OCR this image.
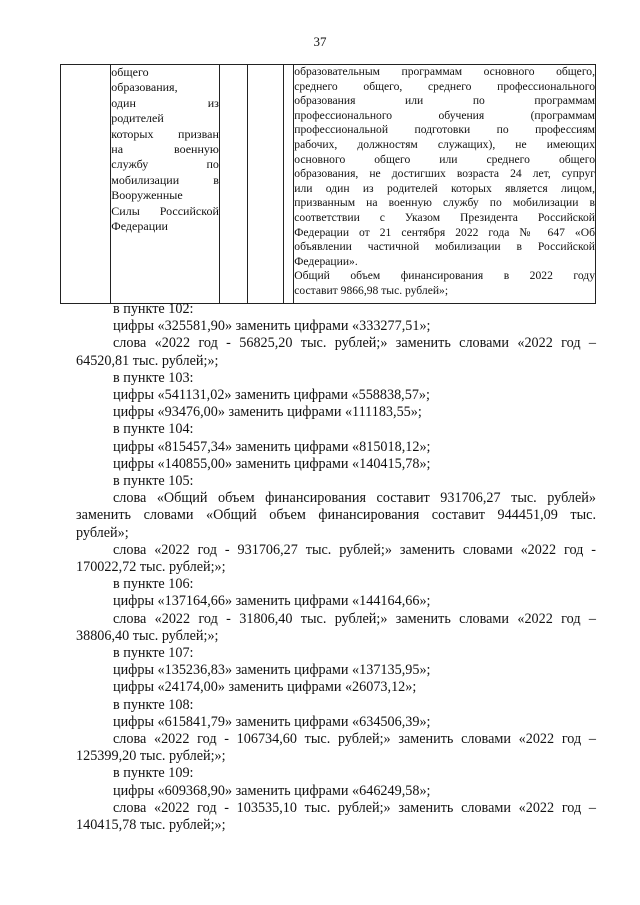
37

общего
образования,
один из
родителей
которых призван
на военную
службу по
мобилизации в
Вооруженные
Силы Российской
Федерации

образовательным программам основного общего,
среднего общего, среднего профессионального
образования или по программам
профессионального обучения (программам
профессиональной подготовки по профессиям
рабочих, должностям служащих), не имеющих
основного общего или среднего общего
образования, не достигших возраста 24 лет, супруг
или один из родителей которых является лицом,
призванным на военную службу по мобилизации в
соответствии с Указом Президента Российской
Федерации от 21 сентября 2022 года № 647 «Об
объявлении частичной мобилизации в Российской
Федерации».
Общий объем финансирования в 2022 году
составит 9866,98 тыс. рублей»;

в пункте 102:

цифры «325581,90» заменить цифрами «333277,51»;

слова «2022 год - 56825,20 тыс. рублей;» заменить словами «2022 год –

64520,81 тыс. рублей;»;

в пункте 103:

цифры «541131,02» заменить цифрами «558838,57»;

цифры «93476,00» заменить цифрами «111183,55»;

в пункте 104:

цифры «815457,34» заменить цифрами «815018,12»;

цифры «140855,00» заменить цифрами «140415,78»;

в пункте 105:

слова «Общий объем финансирования составит 931706,27 тыс. рублей»

заменить словами «Общий объем финансирования составит 944451,09 тыс.

рублей»;

слова «2022 год - 931706,27 тыс. рублей;» заменить словами «2022 год -

170022,72 тыс. рублей;»;

в пункте 106:

цифры «137164,66» заменить цифрами «144164,66»;

слова «2022 год - 31806,40 тыс. рублей;» заменить словами «2022 год –

38806,40 тыс. рублей;»;

в пункте 107:

цифры «135236,83» заменить цифрами «137135,95»;

цифры «24174,00» заменить цифрами «26073,12»;

в пункте 108:

цифры «615841,79» заменить цифрами «634506,39»;

слова «2022 год - 106734,60 тыс. рублей;» заменить словами «2022 год –

125399,20 тыс. рублей;»;

в пункте 109:

цифры «609368,90» заменить цифрами «646249,58»;

слова «2022 год - 103535,10 тыс. рублей;» заменить словами «2022 год –

140415,78 тыс. рублей;»;
